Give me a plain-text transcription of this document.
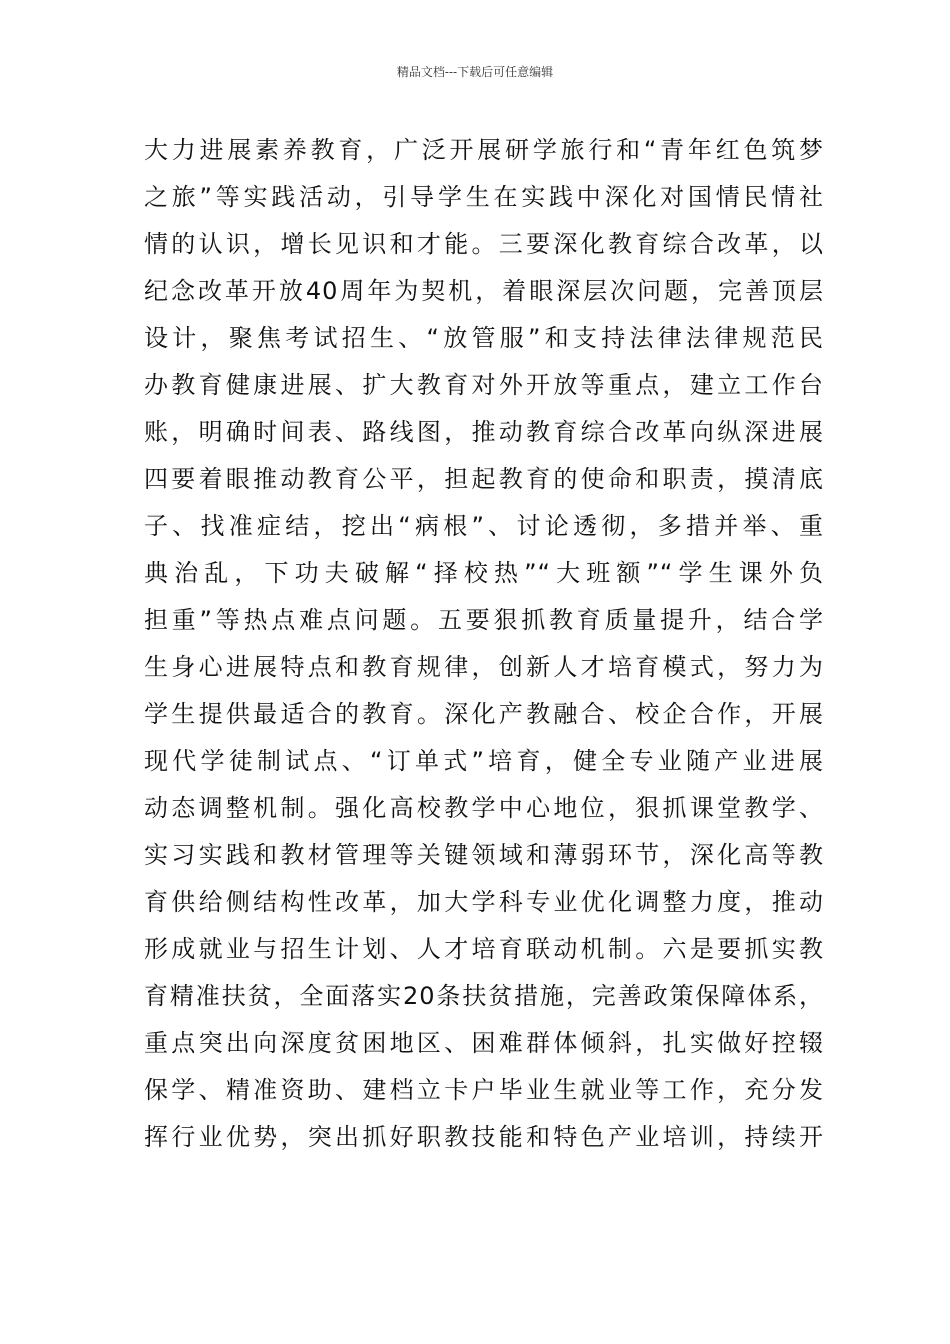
精品文档---下载后可任意编辑
大力进展素养教育，广泛开展研学旅行和“青年红色筑梦
之旅”等实践活动，引导学生在实践中深化对国情民情社
情的认识，增长见识和才能。三要深化教育综合改革，以
纪念改革开放40周年为契机，着眼深层次问题，完善顶层
设计，聚焦考试招生、“放管服”和支持法律法律规范民
办教育健康进展、扩大教育对外开放等重点，建立工作台
账，明确时间表、路线图，推动教育综合改革向纵深进展
四要着眼推动教育公平，担起教育的使命和职责，摸清底
子、找准症结，挖出“病根”、讨论透彻，多措并举、重
典治乱，下功夫破解“择校热”“大班额”“学生课外负
担重”等热点难点问题。五要狠抓教育质量提升，结合学
生身心进展特点和教育规律，创新人才培育模式，努力为
学生提供最适合的教育。深化产教融合、校企合作，开展
现代学徒制试点、“订单式”培育，健全专业随产业进展
动态调整机制。强化高校教学中心地位，狠抓课堂教学、
实习实践和教材管理等关键领域和薄弱环节，深化高等教
育供给侧结构性改革，加大学科专业优化调整力度，推动
形成就业与招生计划、人才培育联动机制。六是要抓实教
育精准扶贫，全面落实20条扶贫措施，完善政策保障体系，
重点突出向深度贫困地区、困难群体倾斜，扎实做好控辍
保学、精准资助、建档立卡户毕业生就业等工作，充分发
挥行业优势，突出抓好职教技能和特色产业培训，持续开
